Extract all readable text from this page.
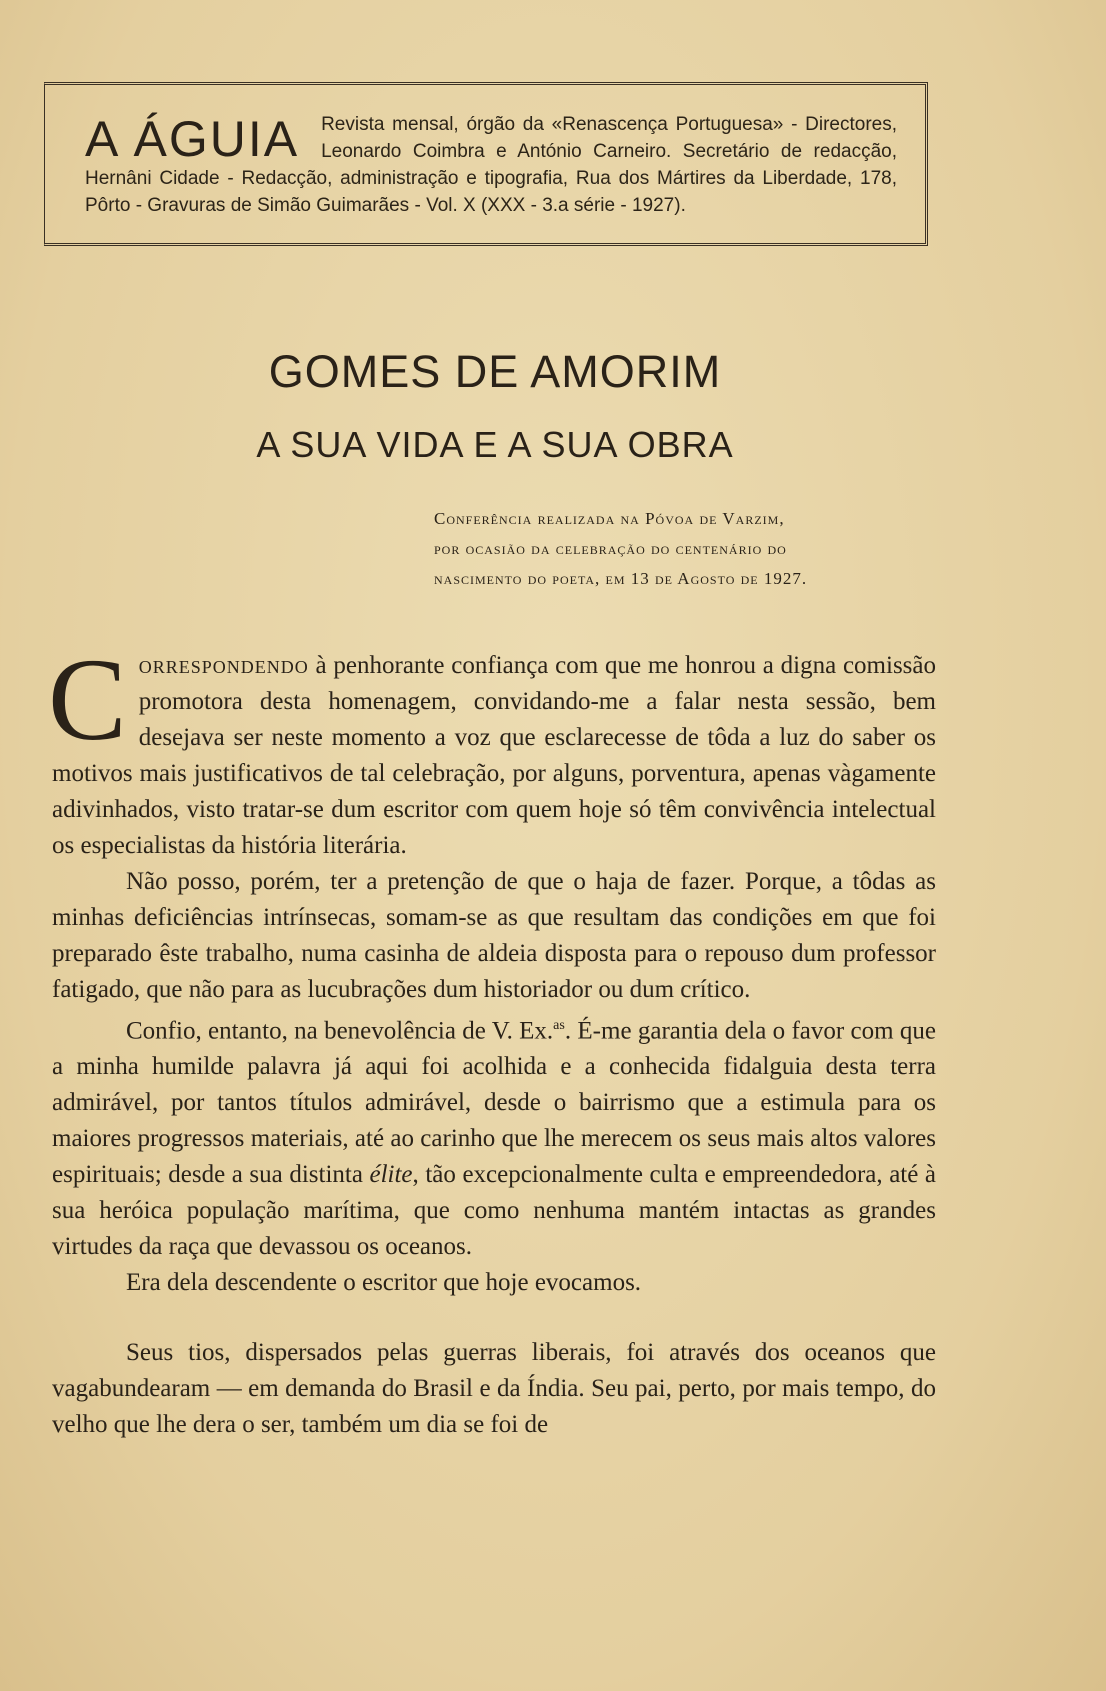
A ÁGUIA Revista mensal, órgão da «Renascença Portuguesa» - Directores, Leonardo Coimbra e António Carneiro. Secretário de redacção, Hernâni Cidade - Redacção, administração e tipografia, Rua dos Mártires da Liberdade, 178, Pôrto - Gravuras de Simão Guimarães - Vol. X (XXX - 3.a série - 1927).
GOMES DE AMORIM
A SUA VIDA E A SUA OBRA
Conferência realizada na Póvoa de Varzim,
por ocasião da celebração do centenário do
nascimento do poeta, em 13 de Agosto de 1927.

Correspondendo à penhorante confiança com que me honrou a digna comissão promotora desta homenagem, convidando-me a falar nesta sessão, bem desejava ser neste momento a voz que esclarecesse de tôda a luz do saber os motivos mais justificativos de tal celebração, por alguns, porventura, apenas vàgamente adivinhados, visto tratar-se dum escritor com quem hoje só têm convivência intelectual os especialistas da história literária.

Não posso, porém, ter a pretenção de que o haja de fazer. Porque, a tôdas as minhas deficiências intrínsecas, somam-se as que resultam das condições em que foi preparado êste trabalho, numa casinha de aldeia disposta para o repouso dum professor fatigado, que não para as lucubrações dum historiador ou dum crítico.

Confio, entanto, na benevolência de V. Ex.$^{as}$. É-me garantia dela o favor com que a minha humilde palavra já aqui foi acolhida e a conhecida fidalguia desta terra admirável, por tantos títulos admirável, desde o bairrismo que a estimula para os maiores progressos materiais, até ao carinho que lhe merecem os seus mais altos valores espirituais; desde a sua distinta élite, tão excepcionalmente culta e empreendedora, até à sua heróica população marítima, que como nenhuma mantém intactas as grandes virtudes da raça que devassou os oceanos.

Era dela descendente o escritor que hoje evocamos.

Seus tios, dispersados pelas guerras liberais, foi através dos oceanos que vagabundearam — em demanda do Brasil e da Índia. Seu pai, perto, por mais tempo, do velho que lhe dera o ser, também um dia se foi de
